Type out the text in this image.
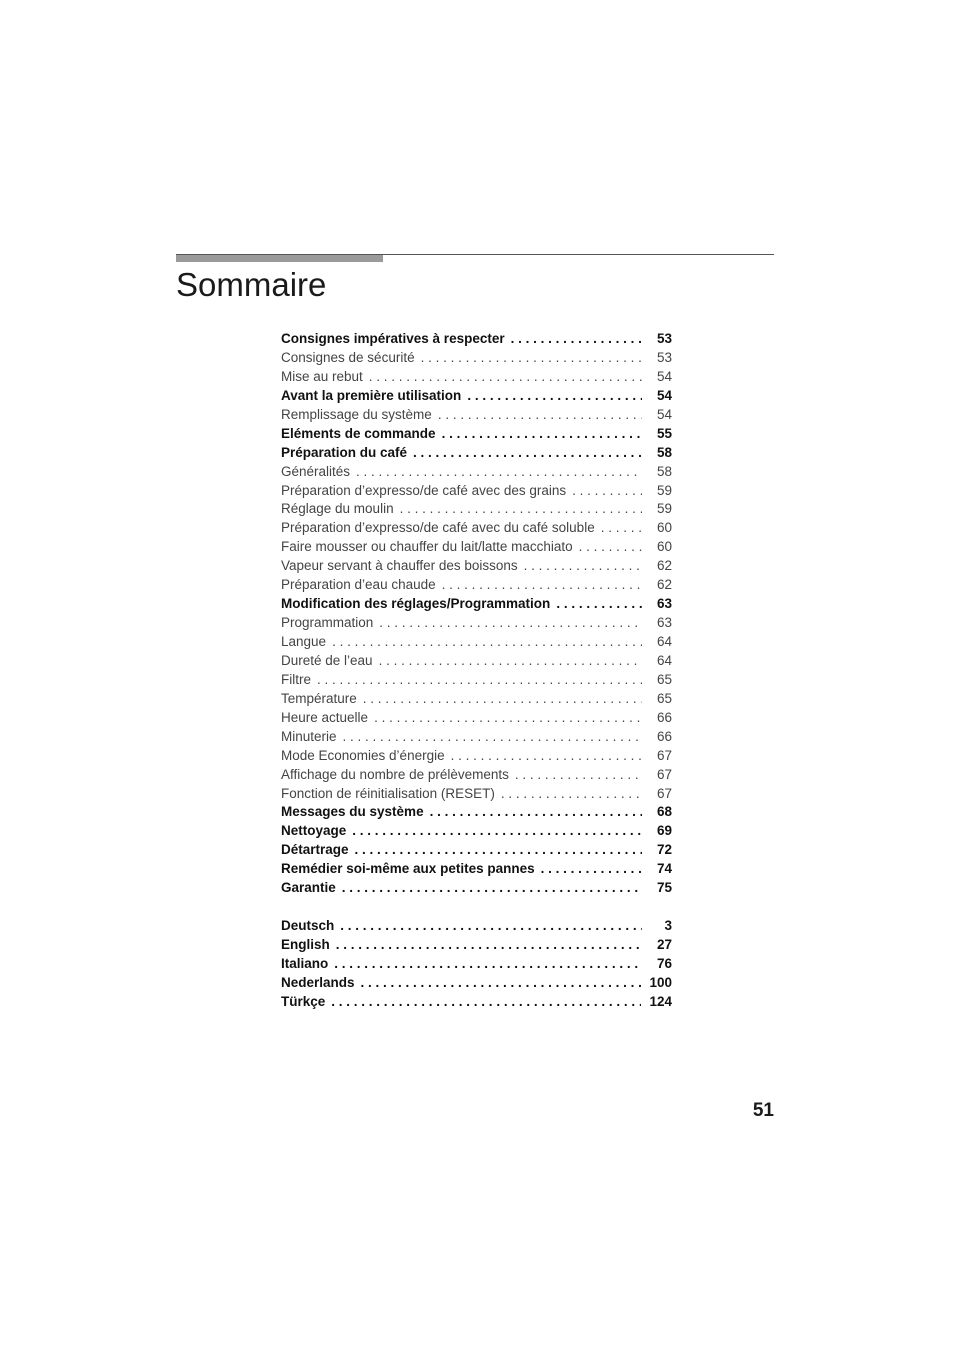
Sommaire
Consignes impératives à respecter . . .	53
Consignes de sécurité . . .	53
Mise au rebut . . .	54
Avant la première utilisation . . .	54
Remplissage du système . . .	54
Eléments de commande . . .	55
Préparation du café . . .	58
Généralités . . .	58
Préparation d’expresso/de café avec des grains . . .	59
Réglage du moulin . . .	59
Préparation d’expresso/de café avec du café soluble . . .	60
Faire mousser ou chauffer du lait/latte macchiato . . .	60
Vapeur servant à chauffer des boissons . . .	62
Préparation d’eau chaude . . .	62
Modification des réglages/Programmation . . .	63
Programmation . . .	63
Langue . . .	64
Dureté de l’eau . . .	64
Filtre . . .	65
Température . . .	65
Heure actuelle . . .	66
Minuterie . . .	66
Mode Economies d’énergie . . .	67
Affichage du nombre de prélèvements . . .	67
Fonction de réinitialisation (RESET) . . .	67
Messages du système . . .	68
Nettoyage . . .	69
Détartrage . . .	72
Remédier soi-même aux petites pannes . . .	74
Garantie . . .	75
Deutsch . . .	3
English . . .	27
Italiano . . .	76
Nederlands . . .	100
Türkçe . . .	124
51
